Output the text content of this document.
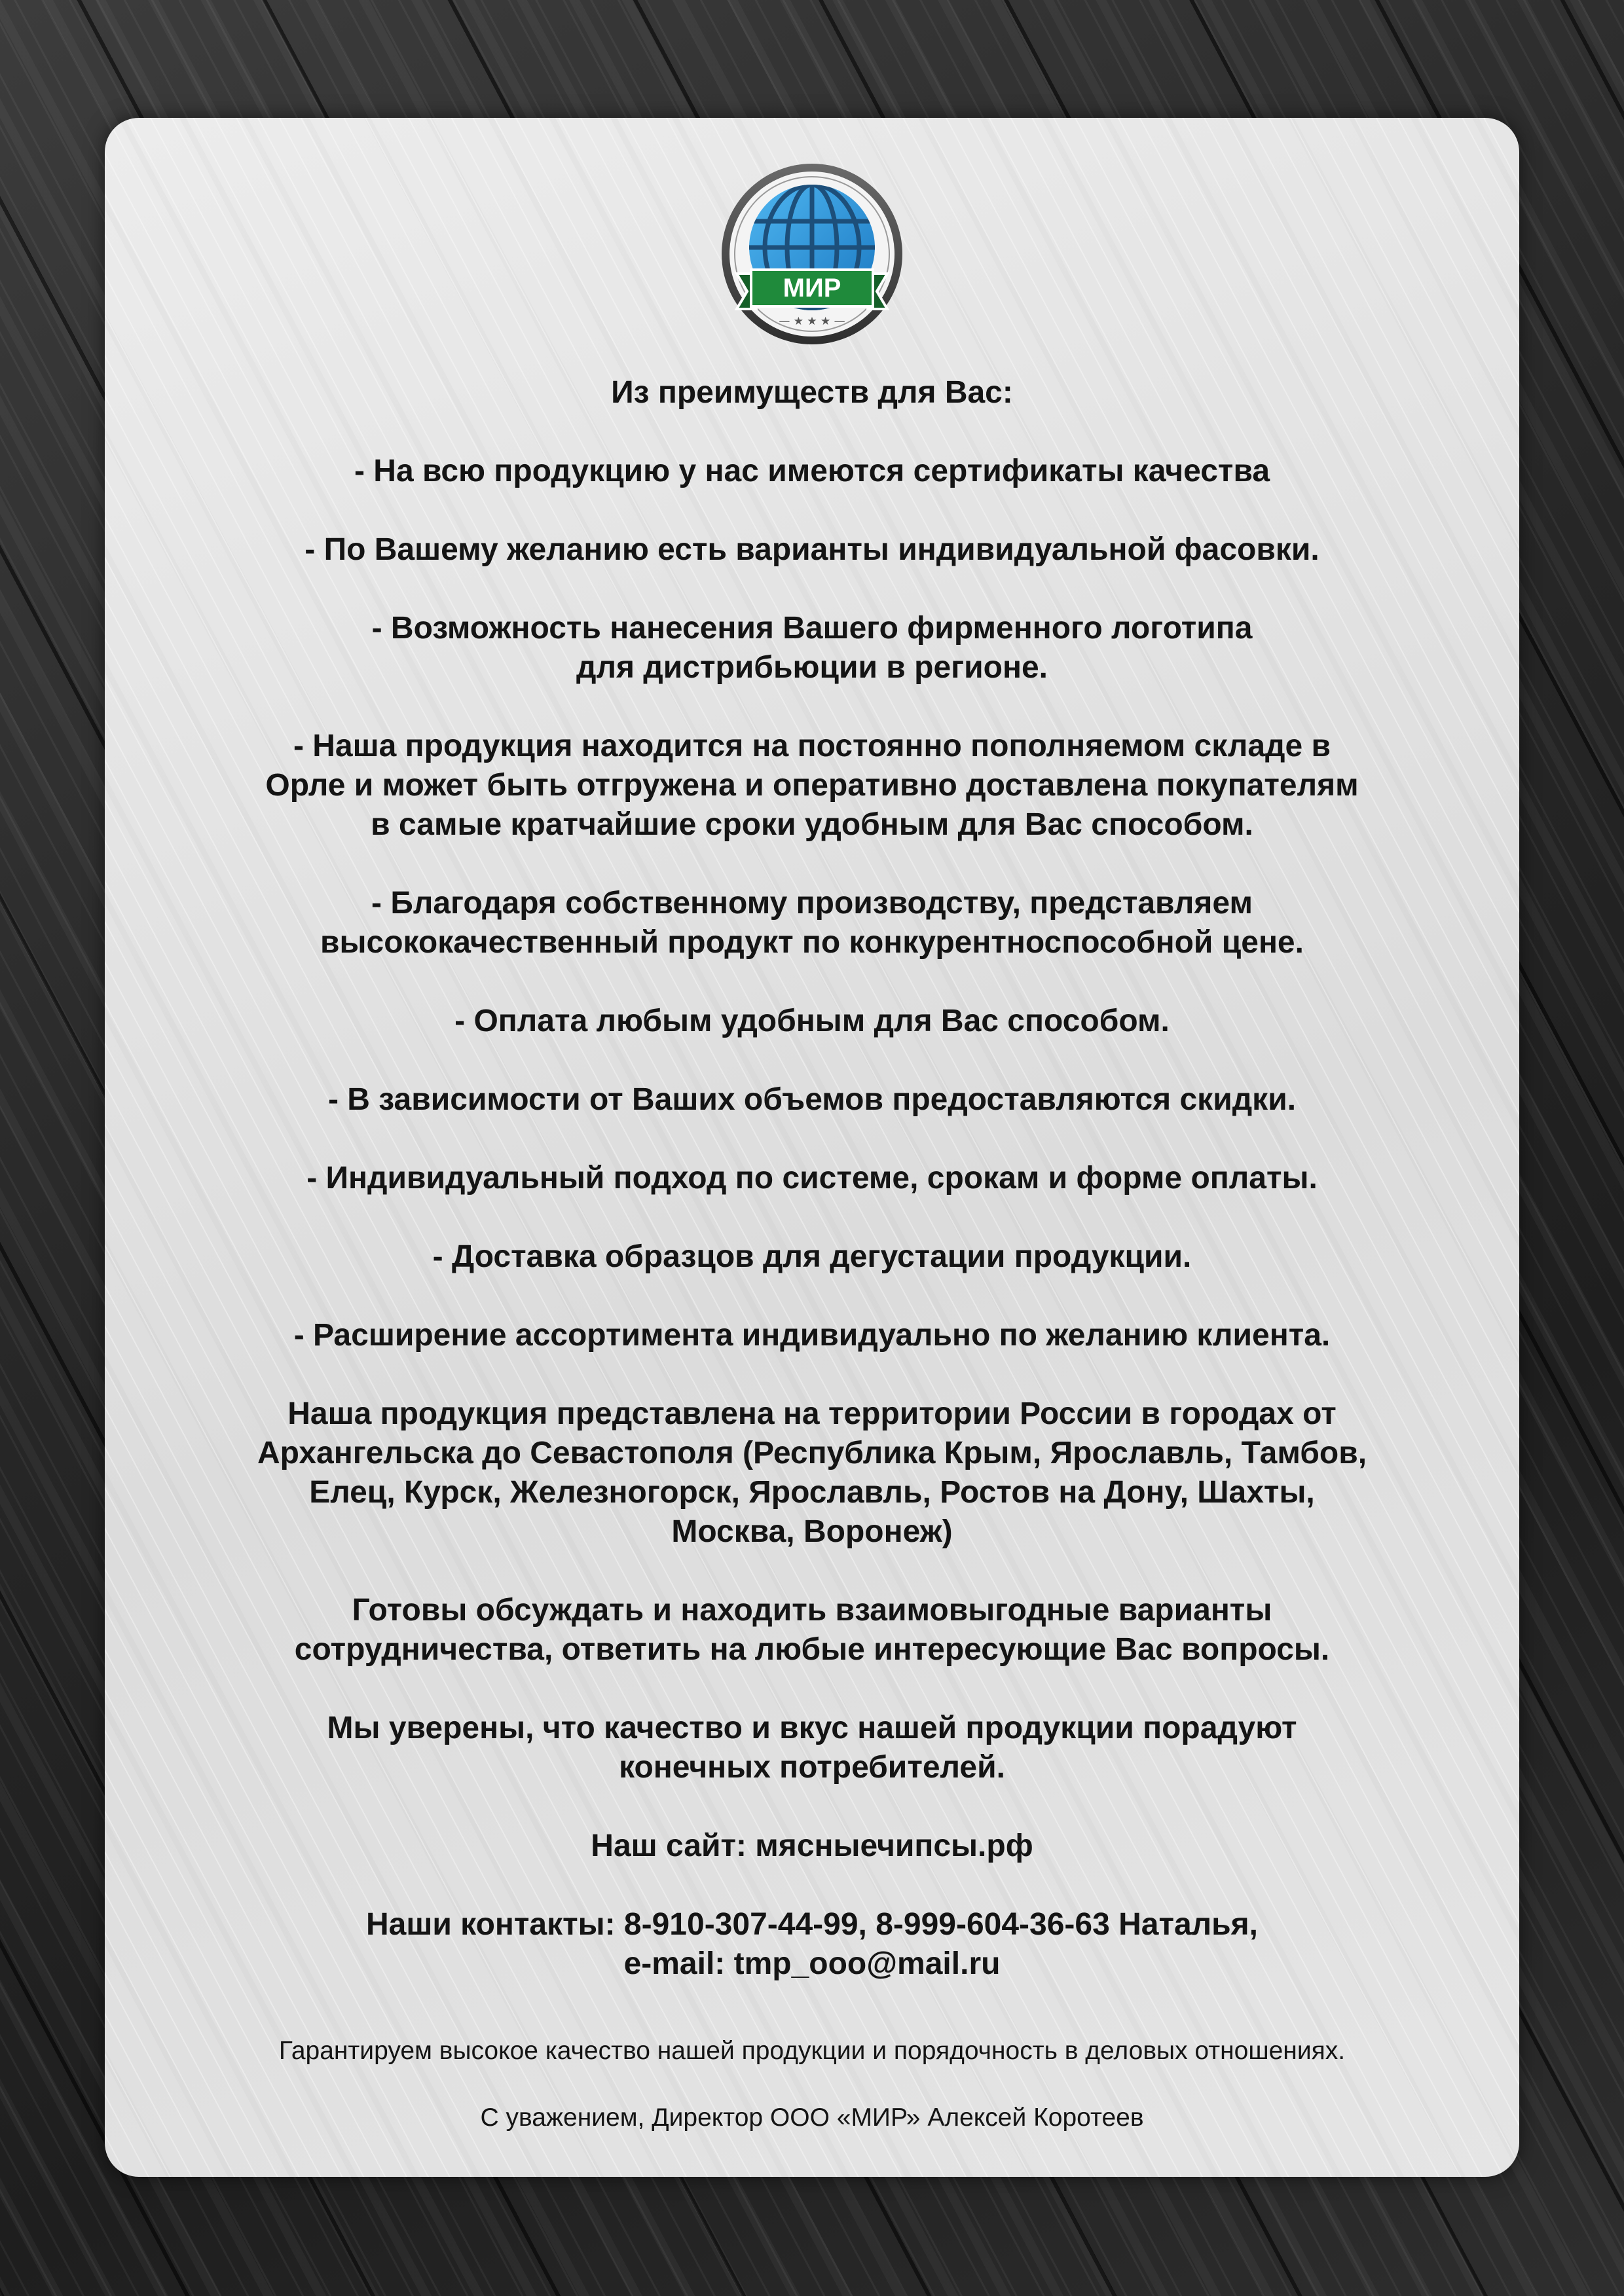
МИР
— ★ ★ ★ —

Из преимуществ для Вас:

- На всю продукцию у нас имеются сертификаты качества

- По Вашему желанию есть варианты индивидуальной фасовки.

- Возможность нанесения Вашего фирменного логотипа
для дистрибьюции в регионе.

- Наша продукция находится на постоянно пополняемом складе в
Орле и может быть отгружена и оперативно доставлена покупателям
в самые кратчайшие сроки удобным для Вас способом.

- Благодаря собственному производству, представляем
высококачественный продукт по конкурентноспособной цене.

- Оплата любым удобным для Вас способом.

- В зависимости от Ваших объемов предоставляются скидки.

- Индивидуальный подход по системе, срокам и форме оплаты.

- Доставка образцов для дегустации продукции.

- Расширение ассортимента индивидуально по желанию клиента.

Наша продукция представлена на территории России в городах от
Архангельска до Севастополя (Республика Крым, Ярославль, Тамбов,
Елец, Курск, Железногорск, Ярославль, Ростов на Дону, Шахты,
Москва, Воронеж)

Готовы обсуждать и находить взаимовыгодные варианты
сотрудничества, ответить на любые интересующие Вас вопросы.

Мы уверены, что качество и вкус нашей продукции порадуют
конечных потребителей.

Наш сайт: мясныечипсы.рф

Наши контакты: 8-910-307-44-99, 8-999-604-36-63 Наталья,
e-mail: tmp_ooo@mail.ru

Гарантируем высокое качество нашей продукции и порядочность в деловых отношениях.

С уважением, Директор ООО «МИР» Алексей Коротеев
